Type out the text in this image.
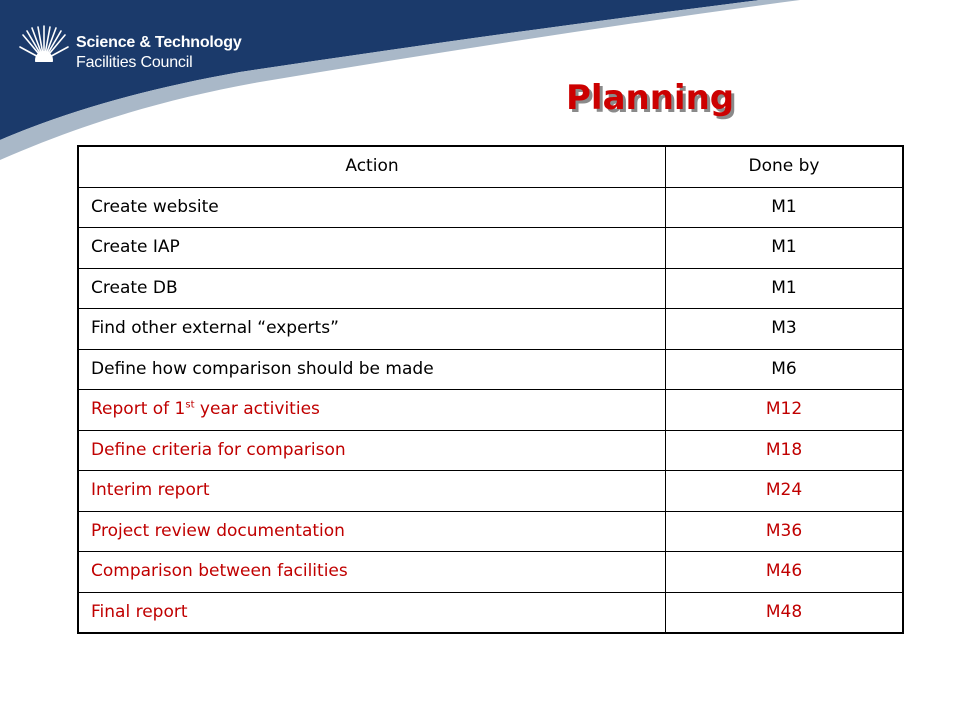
Science & Technology
Facilities Council
Planning
Action	Done by
Create website	M1
Create IAP	M1
Create DB	M1
Find other external “experts”	M3
Define how comparison should be made	M6
Report of 1st year activities	M12
Define criteria for comparison	M18
Interim report	M24
Project review documentation	M36
Comparison between facilities	M46
Final report	M48
